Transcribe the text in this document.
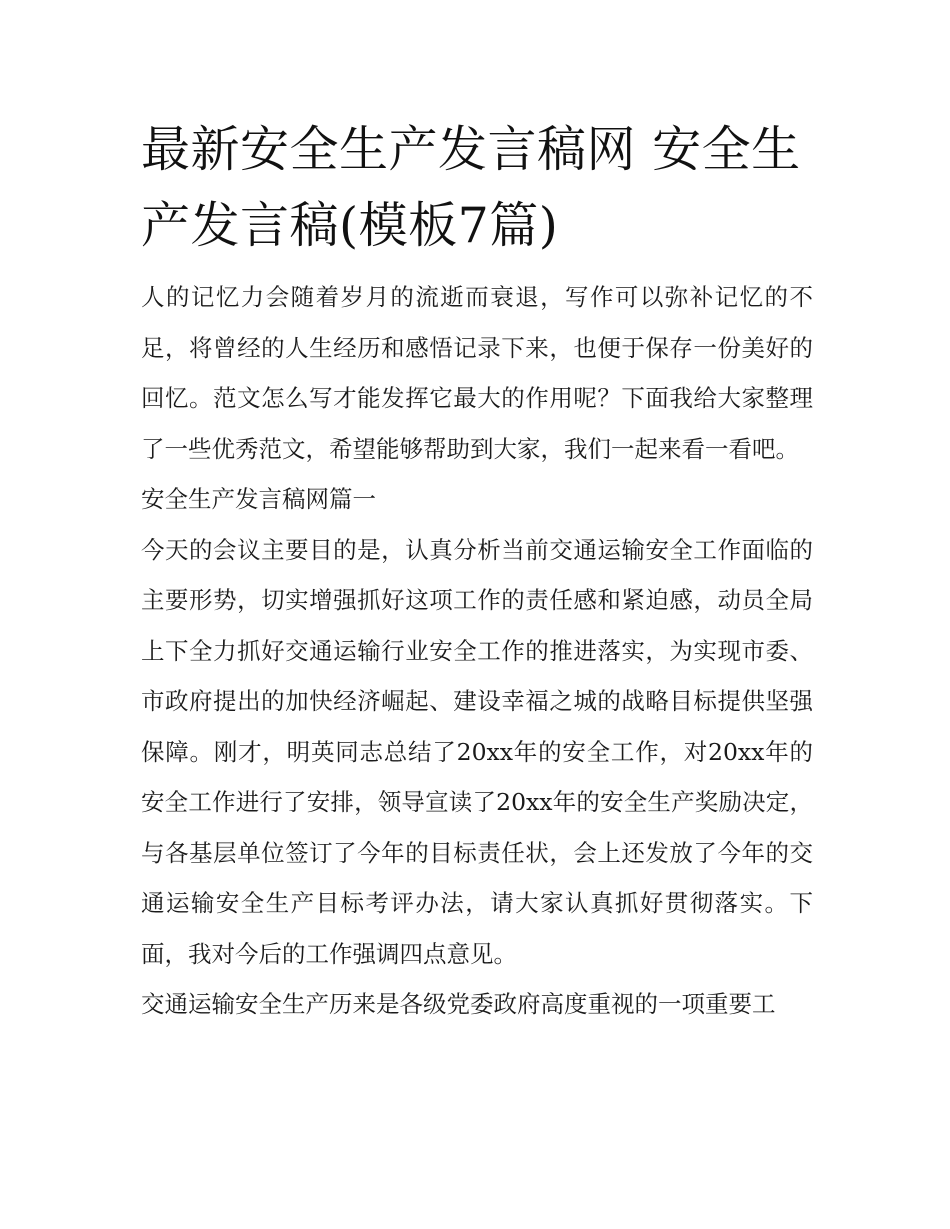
最新安全生产发言稿网 安全生产发言稿(模板7篇)

人的记忆力会随着岁月的流逝而衰退，写作可以弥补记忆的不足，将曾经的人生经历和感悟记录下来，也便于保存一份美好的回忆。范文怎么写才能发挥它最大的作用呢？下面我给大家整理了一些优秀范文，希望能够帮助到大家，我们一起来看一看吧。

安全生产发言稿网篇一

今天的会议主要目的是，认真分析当前交通运输安全工作面临的主要形势，切实增强抓好这项工作的责任感和紧迫感，动员全局上下全力抓好交通运输行业安全工作的推进落实，为实现市委、市政府提出的加快经济崛起、建设幸福之城的战略目标提供坚强保障。刚才，明英同志总结了20xx年的安全工作，对20xx年的安全工作进行了安排，领导宣读了20xx年的安全生产奖励决定，与各基层单位签订了今年的目标责任状，会上还发放了今年的交通运输安全生产目标考评办法，请大家认真抓好贯彻落实。下面，我对今后的工作强调四点意见。

交通运输安全生产历来是各级党委政府高度重视的一项重要工
